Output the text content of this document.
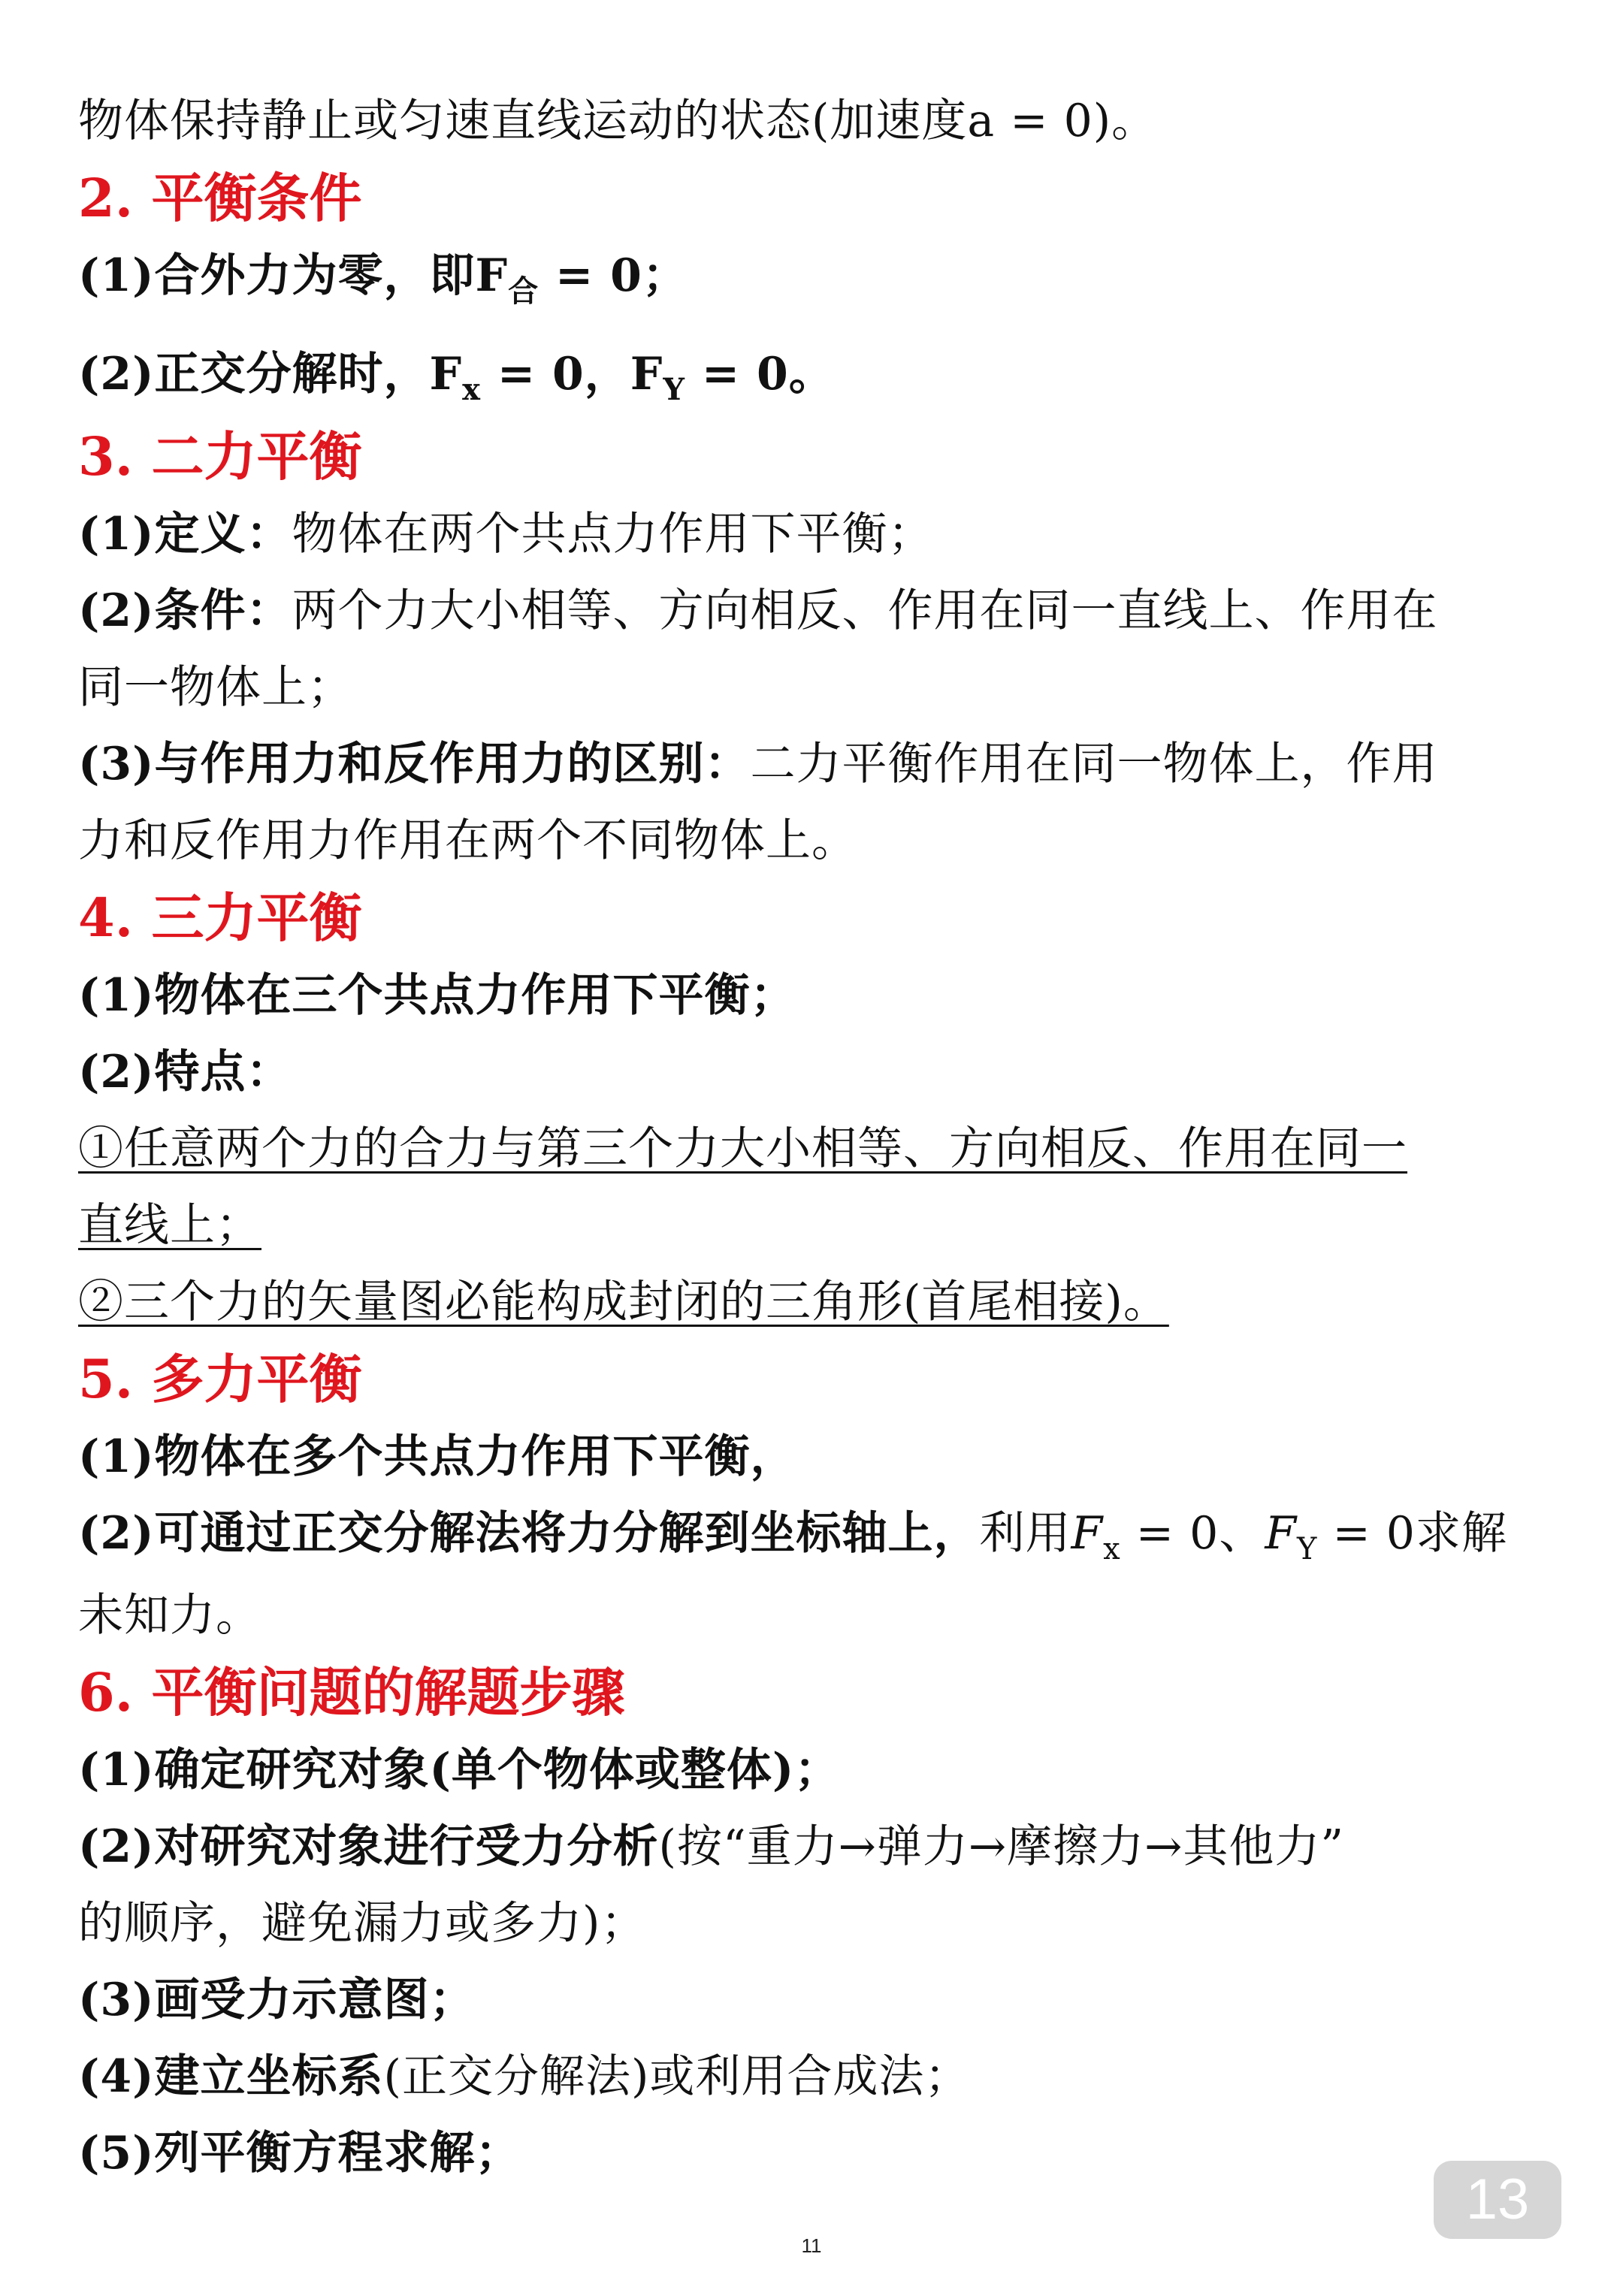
物体保持静止或匀速直线运动的状态(加速度a = 0)。
2. 平衡条件
(1)合外力为零，即$F_合 = 0$；
(2)正交分解时，$F_x = 0$，$F_Y = 0$。
3. 二力平衡
(1)定义：物体在两个共点力作用下平衡；
(2)条件：两个力大小相等、方向相反、作用在同一直线上、作用在
同一物体上；
(3)与作用力和反作用力的区别：二力平衡作用在同一物体上，作用
力和反作用力作用在两个不同物体上。
4. 三力平衡
(1)物体在三个共点力作用下平衡；
(2)特点：
①任意两个力的合力与第三个力大小相等、方向相反、作用在同一
直线上；
②三个力的矢量图必能构成封闭的三角形(首尾相接)。
5. 多力平衡
(1)物体在多个共点力作用下平衡，
(2)可通过正交分解法将力分解到坐标轴上，利用$F_x = 0$、$F_Y = 0$求解
未知力。
6. 平衡问题的解题步骤
(1)确定研究对象(单个物体或整体)；
(2)对研究对象进行受力分析(按“重力→弹力→摩擦力→其他力”
的顺序，避免漏力或多力)；
(3)画受力示意图；
(4)建立坐标系(正交分解法)或利用合成法；
(5)列平衡方程求解；
13
11
